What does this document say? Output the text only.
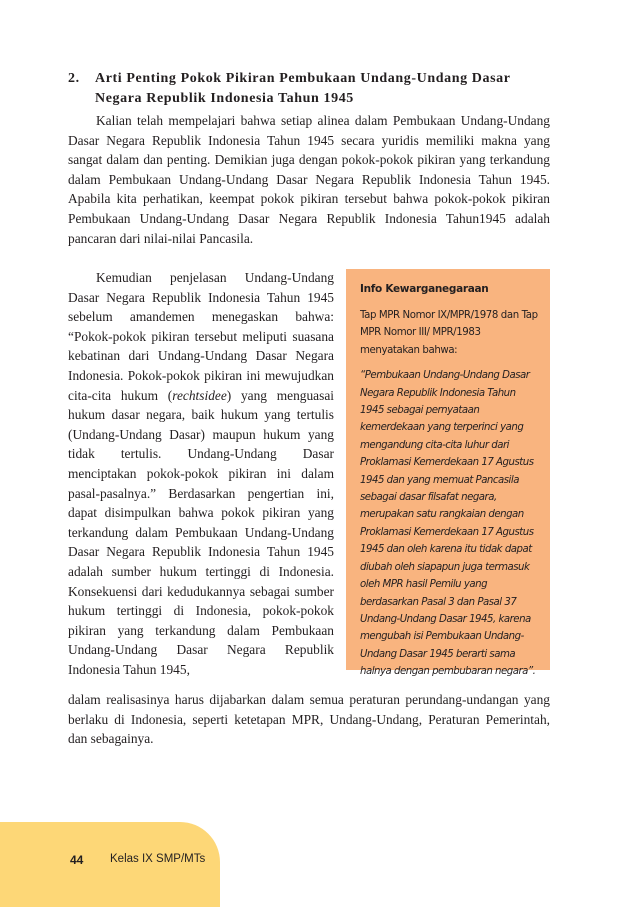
2. Arti Penting Pokok Pikiran Pembukaan Undang-Undang Dasar Negara Republik Indonesia Tahun 1945

Kalian telah mempelajari bahwa setiap alinea dalam Pembukaan Undang-Undang Dasar Negara Republik Indonesia Tahun 1945 secara yuridis memiliki makna yang sangat dalam dan penting. Demikian juga dengan pokok-pokok pikiran yang terkandung dalam Pembukaan Undang-Undang Dasar Negara Republik Indonesia Tahun 1945. Apabila kita perhatikan, keempat pokok pikiran tersebut bahwa pokok-pokok pikiran Pembukaan Undang-Undang Dasar Negara Republik Indonesia Tahun1945 adalah pancaran dari nilai-nilai Pancasila.

Kemudian penjelasan Undang-Undang Dasar Negara Republik Indonesia Tahun 1945 sebelum amandemen menegaskan bahwa: “Pokok-pokok pikiran tersebut meliputi suasana kebatinan dari Undang-Undang Dasar Negara Indonesia. Pokok-pokok pikiran ini mewujudkan cita-cita hukum (rechtsidee) yang menguasai hukum dasar negara, baik hukum yang tertulis (Undang-Undang Dasar) maupun hukum yang tidak tertulis. Undang-Undang Dasar menciptakan pokok-pokok pikiran ini dalam pasal-pasalnya.” Berdasarkan pengertian ini, dapat disimpulkan bahwa pokok pikiran yang terkandung dalam Pembukaan Undang-Undang Dasar Negara Republik Indonesia Tahun 1945 adalah sumber hukum tertinggi di Indonesia. Konsekuensi dari kedudukannya sebagai sumber hukum tertinggi di Indonesia, pokok-pokok pikiran yang terkandung dalam Pembukaan Undang-Undang Dasar Negara Republik Indonesia Tahun 1945,

Info Kewarganegaraan

Tap MPR Nomor IX/MPR/1978 dan Tap MPR Nomor III/ MPR/1983 menyatakan bahwa:

“Pembukaan Undang-Undang Dasar Negara Republik Indonesia Tahun 1945 sebagai pernyataan kemerdekaan yang terperinci yang mengandung cita-cita luhur dari Proklamasi Kemerdekaan 17 Agustus 1945 dan yang memuat Pancasila sebagai dasar filsafat negara, merupakan satu rangkaian dengan Proklamasi Kemerdekaan 17 Agustus 1945 dan oleh karena itu tidak dapat diubah oleh siapapun juga termasuk oleh MPR hasil Pemilu yang berdasarkan Pasal 3 dan Pasal 37 Undang-Undang Dasar 1945, karena mengubah isi Pembukaan Undang-Undang Dasar 1945 berarti sama halnya dengan pembubaran negara”.

dalam realisasinya harus dijabarkan dalam semua peraturan perundang-undangan yang berlaku di Indonesia, seperti ketetapan MPR, Undang-Undang, Peraturan Pemerintah, dan sebagainya.

44 Kelas IX SMP/MTs
